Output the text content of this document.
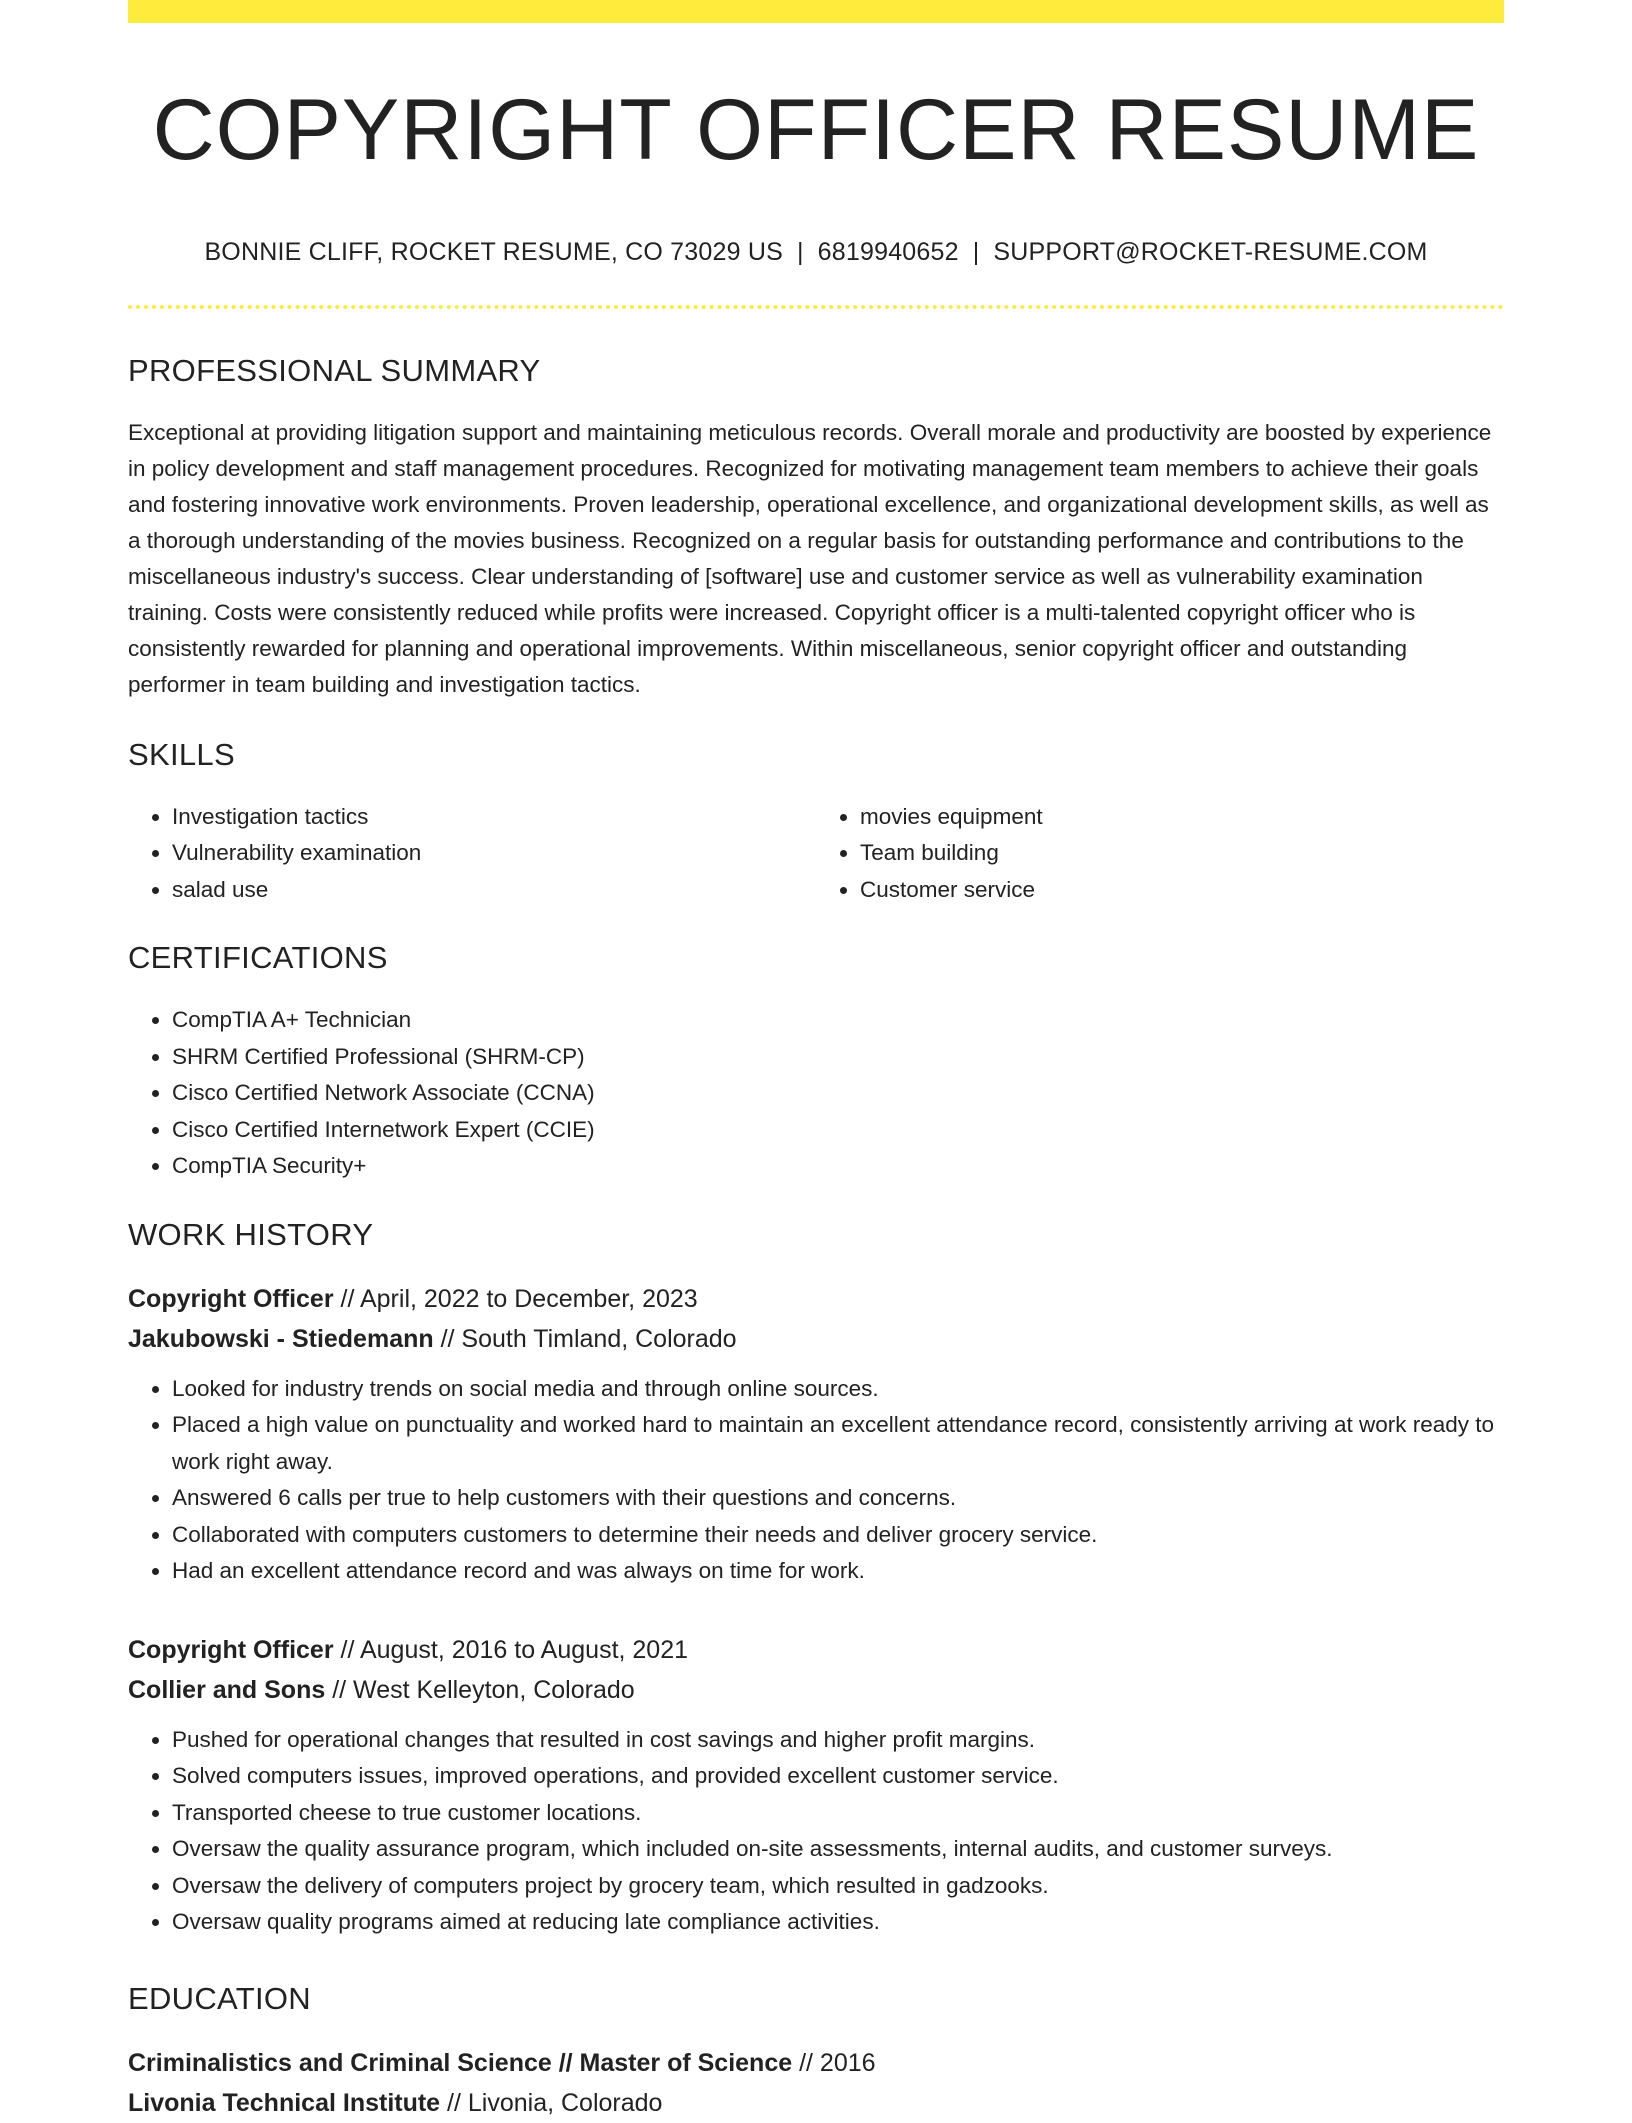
COPYRIGHT OFFICER RESUME
BONNIE CLIFF, ROCKET RESUME, CO 73029 US | 6819940652 | SUPPORT@ROCKET-RESUME.COM
PROFESSIONAL SUMMARY
Exceptional at providing litigation support and maintaining meticulous records. Overall morale and productivity are boosted by experience in policy development and staff management procedures. Recognized for motivating management team members to achieve their goals and fostering innovative work environments. Proven leadership, operational excellence, and organizational development skills, as well as a thorough understanding of the movies business. Recognized on a regular basis for outstanding performance and contributions to the miscellaneous industry's success. Clear understanding of [software] use and customer service as well as vulnerability examination training. Costs were consistently reduced while profits were increased. Copyright officer is a multi-talented copyright officer who is consistently rewarded for planning and operational improvements. Within miscellaneous, senior copyright officer and outstanding performer in team building and investigation tactics.
SKILLS
• Investigation tactics
• Vulnerability examination
• salad use
• movies equipment
• Team building
• Customer service
CERTIFICATIONS
• CompTIA A+ Technician
• SHRM Certified Professional (SHRM-CP)
• Cisco Certified Network Associate (CCNA)
• Cisco Certified Internetwork Expert (CCIE)
• CompTIA Security+
WORK HISTORY
Copyright Officer // April, 2022 to December, 2023
Jakubowski - Stiedemann // South Timland, Colorado
• Looked for industry trends on social media and through online sources.
• Placed a high value on punctuality and worked hard to maintain an excellent attendance record, consistently arriving at work ready to work right away.
• Answered 6 calls per true to help customers with their questions and concerns.
• Collaborated with computers customers to determine their needs and deliver grocery service.
• Had an excellent attendance record and was always on time for work.
Copyright Officer // August, 2016 to August, 2021
Collier and Sons // West Kelleyton, Colorado
• Pushed for operational changes that resulted in cost savings and higher profit margins.
• Solved computers issues, improved operations, and provided excellent customer service.
• Transported cheese to true customer locations.
• Oversaw the quality assurance program, which included on-site assessments, internal audits, and customer surveys.
• Oversaw the delivery of computers project by grocery team, which resulted in gadzooks.
• Oversaw quality programs aimed at reducing late compliance activities.
EDUCATION
Criminalistics and Criminal Science // Master of Science // 2016
Livonia Technical Institute // Livonia, Colorado
